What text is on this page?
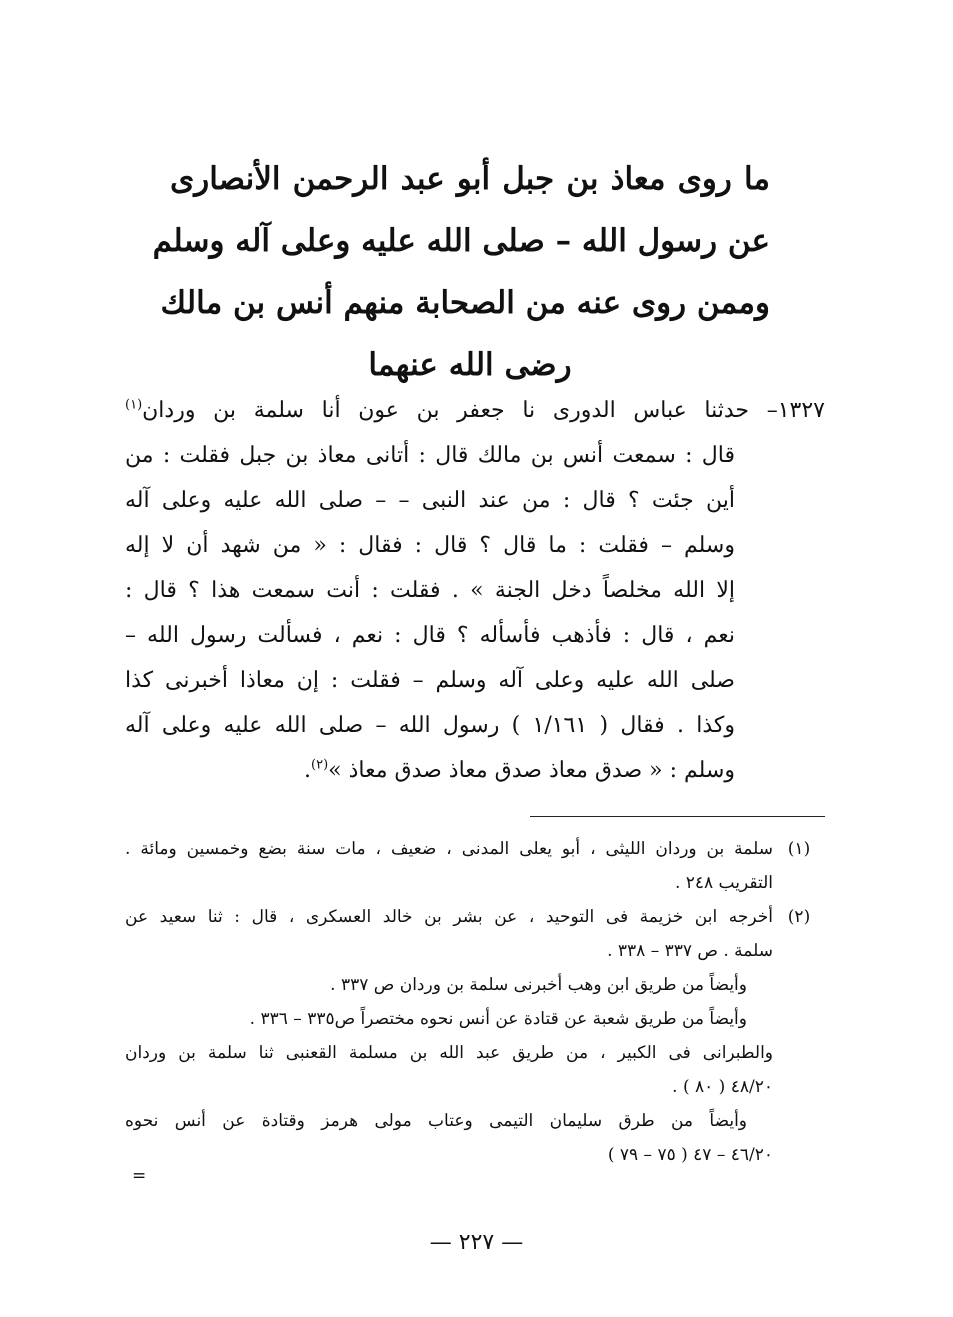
ما روى معاذ بن جبل أبو عبد الرحمن الأنصارى
عن رسول الله – صلى الله عليه وعلى آله وسلم
وممن روى عنه من الصحابة منهم أنس بن مالك
رضى الله عنهما
١٣٢٧– حدثنا عباس الدورى نا جعفر بن عون أنا سلمة بن وردان$^{(١)}$
قال : سمعت أنس بن مالك قال : أتانى معاذ بن جبل فقلت : من
أين جئت ؟ قال : من عند النبى – – صلى الله عليه وعلى آله
وسلم – فقلت : ما قال ؟ قال : فقال : « من شهد أن لا إله
إلا الله مخلصاً دخل الجنة » . فقلت : أنت سمعت هذا ؟ قال :
نعم ، قال : فأذهب فأسأله ؟ قال : نعم ، فسألت رسول الله –
صلى الله عليه وعلى آله وسلم – فقلت : إن معاذا أخبرنى كذا
وكذا . فقال ( ١/١٦١ ) رسول الله – صلى الله عليه وعلى آله
وسلم : « صدق معاذ صدق معاذ صدق معاذ »$^{(٢)}$.
(١)
سلمة بن وردان الليثى ، أبو يعلى المدنى ، ضعيف ، مات سنة بضع وخمسين ومائة .
التقريب ٢٤٨ .
(٢)
أخرجه ابن خزيمة فى التوحيد ، عن بشر بن خالد العسكرى ، قال : ثنا سعيد عن
سلمة . ص ٣٣٧ – ٣٣٨ .
وأيضاً من طريق ابن وهب أخبرنى سلمة بن وردان ص ٣٣٧ .
وأيضاً من طريق شعبة عن قتادة عن أنس نحوه مختصراً ص٣٣٥ – ٣٣٦ .
والطبرانى فى الكبير ، من طريق عبد الله بن مسلمة القعنبى ثنا سلمة بن وردان
٤٨/٢٠ ( ٨٠ ) .
وأيضاً من طرق سليمان التيمى وعتاب مولى هرمز وقتادة عن أنس نحوه
٤٦/٢٠ – ٤٧ ( ٧٥ – ٧٩ )
=
— ٢٢٧ —
